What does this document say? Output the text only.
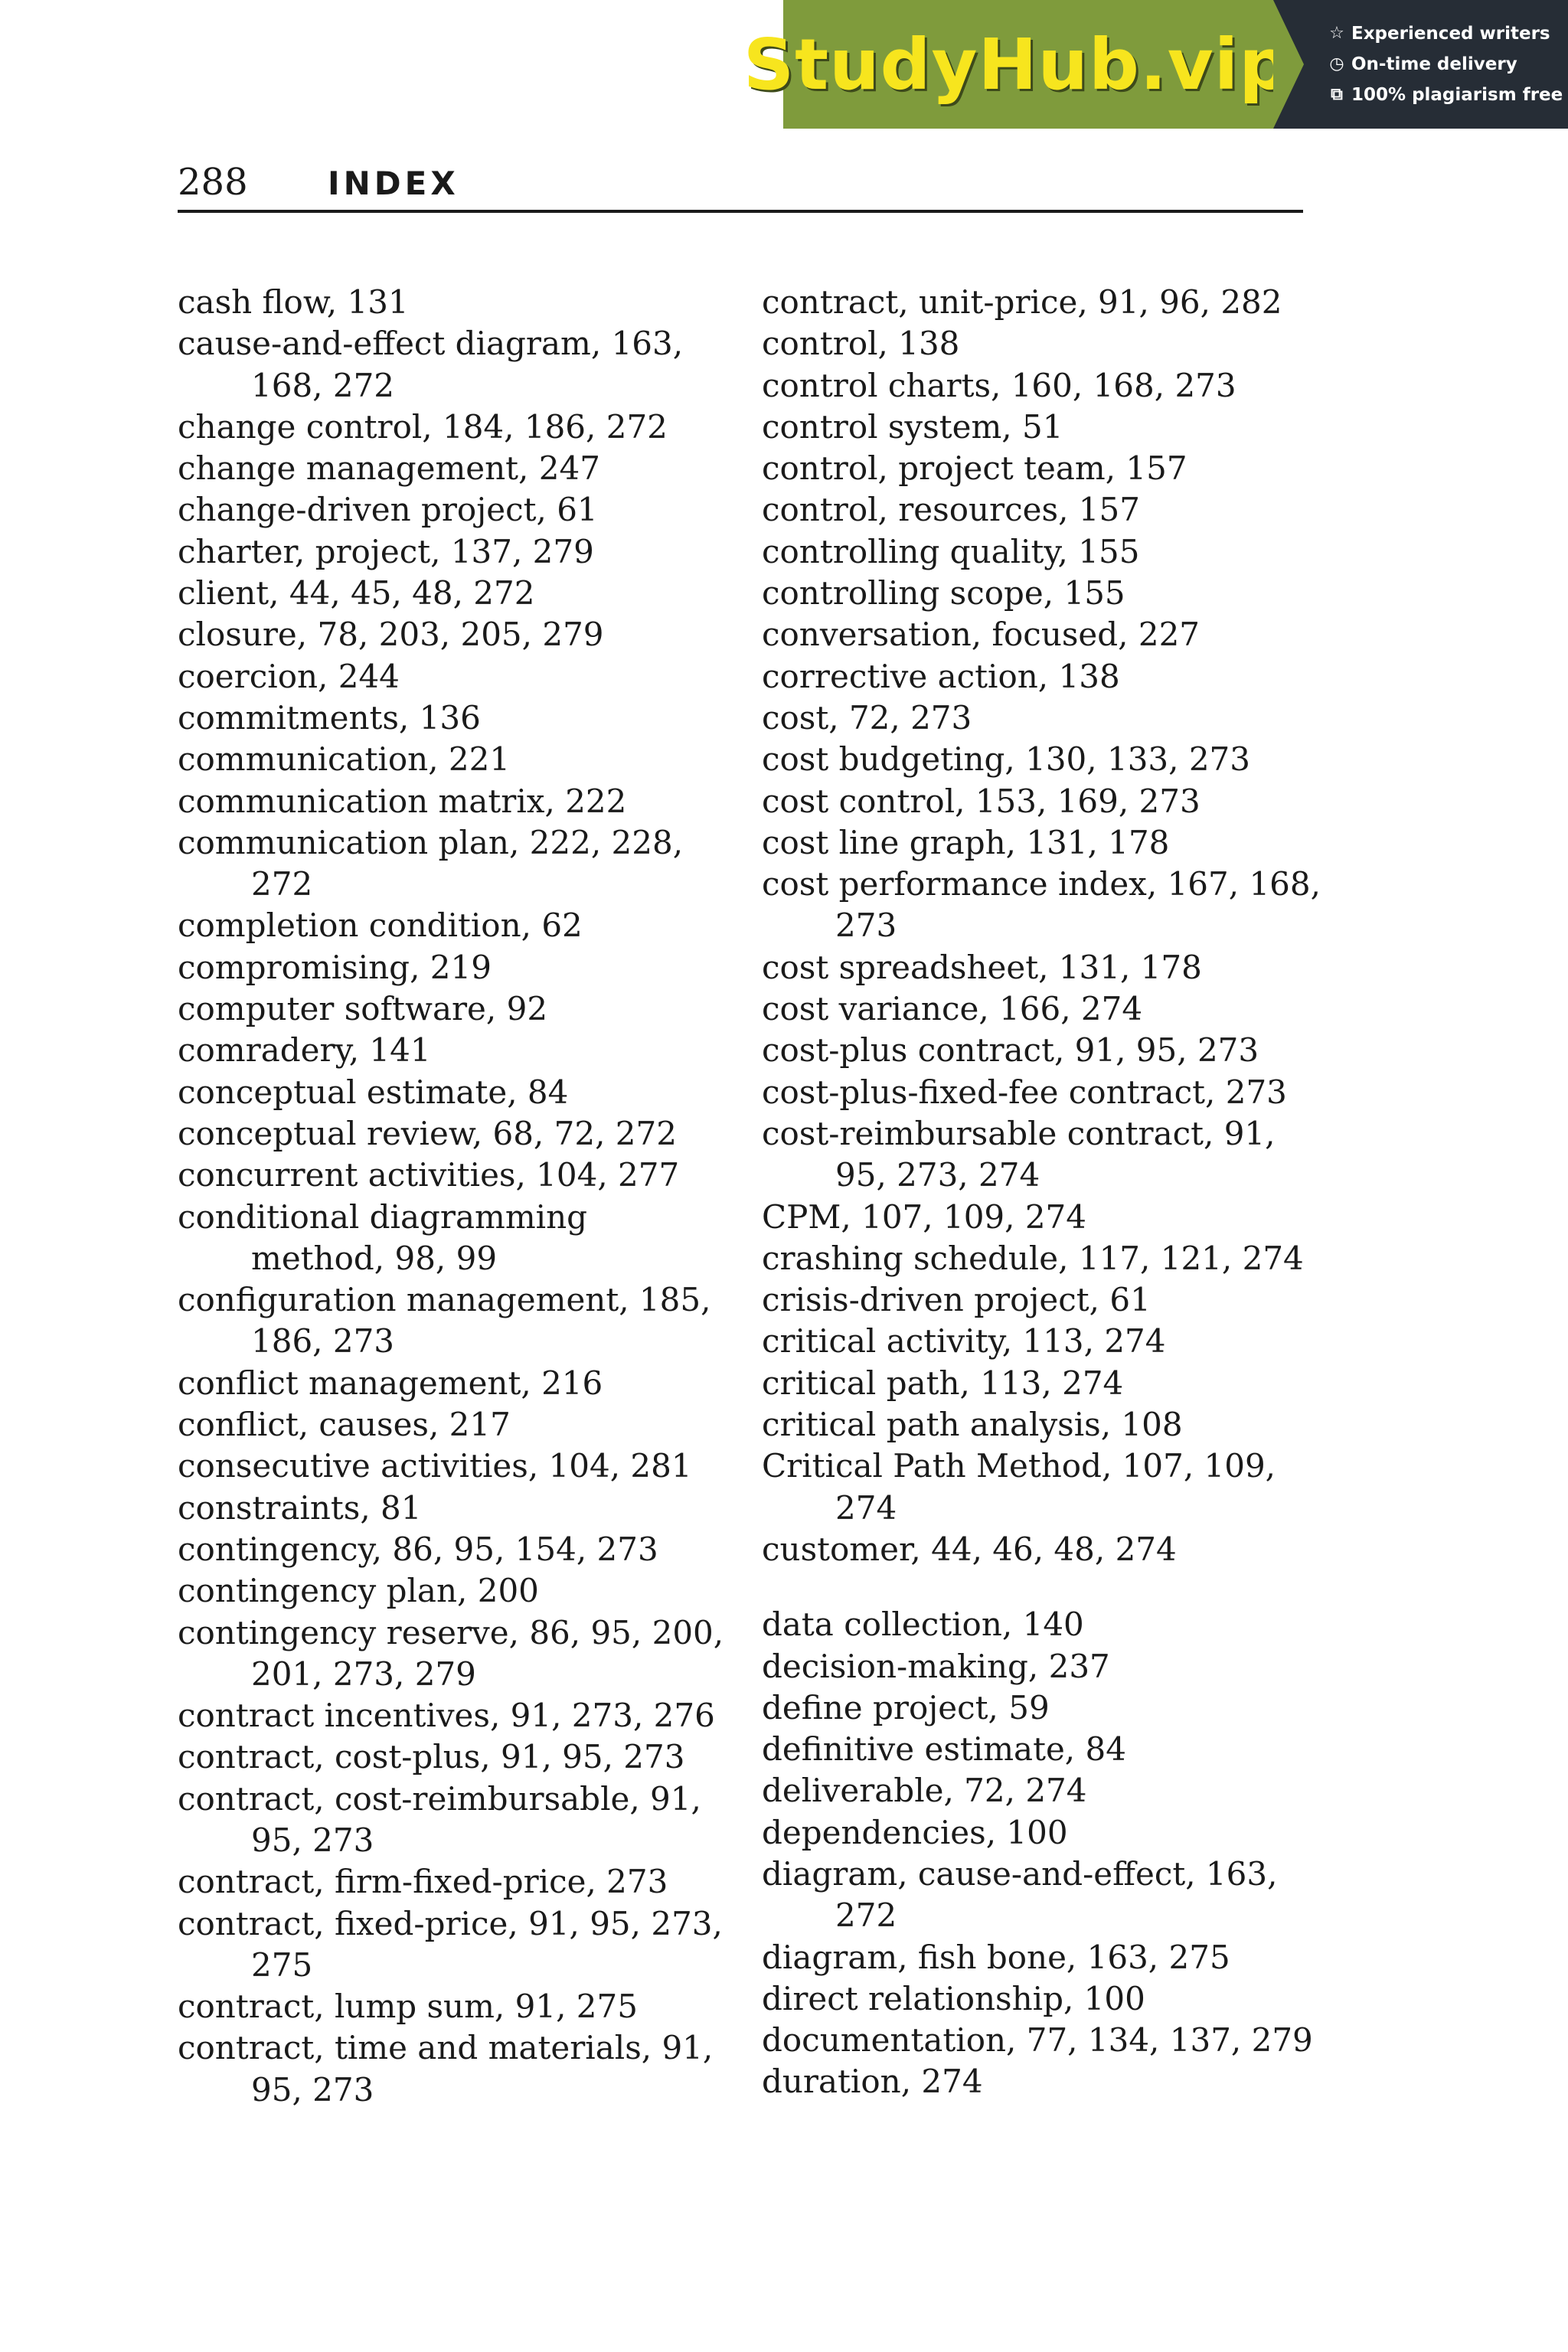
StudyHub.vip ☆ Experienced writers
◷ On-time delivery
⧉ 100% plagiarism free
288 INDEX
cash flow, 131
cause-and-effect diagram, 163,
168, 272
change control, 184, 186, 272
change management, 247
change-driven project, 61
charter, project, 137, 279
client, 44, 45, 48, 272
closure, 78, 203, 205, 279
coercion, 244
commitments, 136
communication, 221
communication matrix, 222
communication plan, 222, 228,
272
completion condition, 62
compromising, 219
computer software, 92
comradery, 141
conceptual estimate, 84
conceptual review, 68, 72, 272
concurrent activities, 104, 277
conditional diagramming
method, 98, 99
configuration management, 185,
186, 273
conflict management, 216
conflict, causes, 217
consecutive activities, 104, 281
constraints, 81
contingency, 86, 95, 154, 273
contingency plan, 200
contingency reserve, 86, 95, 200,
201, 273, 279
contract incentives, 91, 273, 276
contract, cost-plus, 91, 95, 273
contract, cost-reimbursable, 91,
95, 273
contract, firm-fixed-price, 273
contract, fixed-price, 91, 95, 273,
275
contract, lump sum, 91, 275
contract, time and materials, 91,
95, 273
contract, unit-price, 91, 96, 282
control, 138
control charts, 160, 168, 273
control system, 51
control, project team, 157
control, resources, 157
controlling quality, 155
controlling scope, 155
conversation, focused, 227
corrective action, 138
cost, 72, 273
cost budgeting, 130, 133, 273
cost control, 153, 169, 273
cost line graph, 131, 178
cost performance index, 167, 168,
273
cost spreadsheet, 131, 178
cost variance, 166, 274
cost-plus contract, 91, 95, 273
cost-plus-fixed-fee contract, 273
cost-reimbursable contract, 91,
95, 273, 274
CPM, 107, 109, 274
crashing schedule, 117, 121, 274
crisis-driven project, 61
critical activity, 113, 274
critical path, 113, 274
critical path analysis, 108
Critical Path Method, 107, 109,
274
customer, 44, 46, 48, 274
data collection, 140
decision-making, 237
define project, 59
definitive estimate, 84
deliverable, 72, 274
dependencies, 100
diagram, cause-and-effect, 163,
272
diagram, fish bone, 163, 275
direct relationship, 100
documentation, 77, 134, 137, 279
duration, 274
